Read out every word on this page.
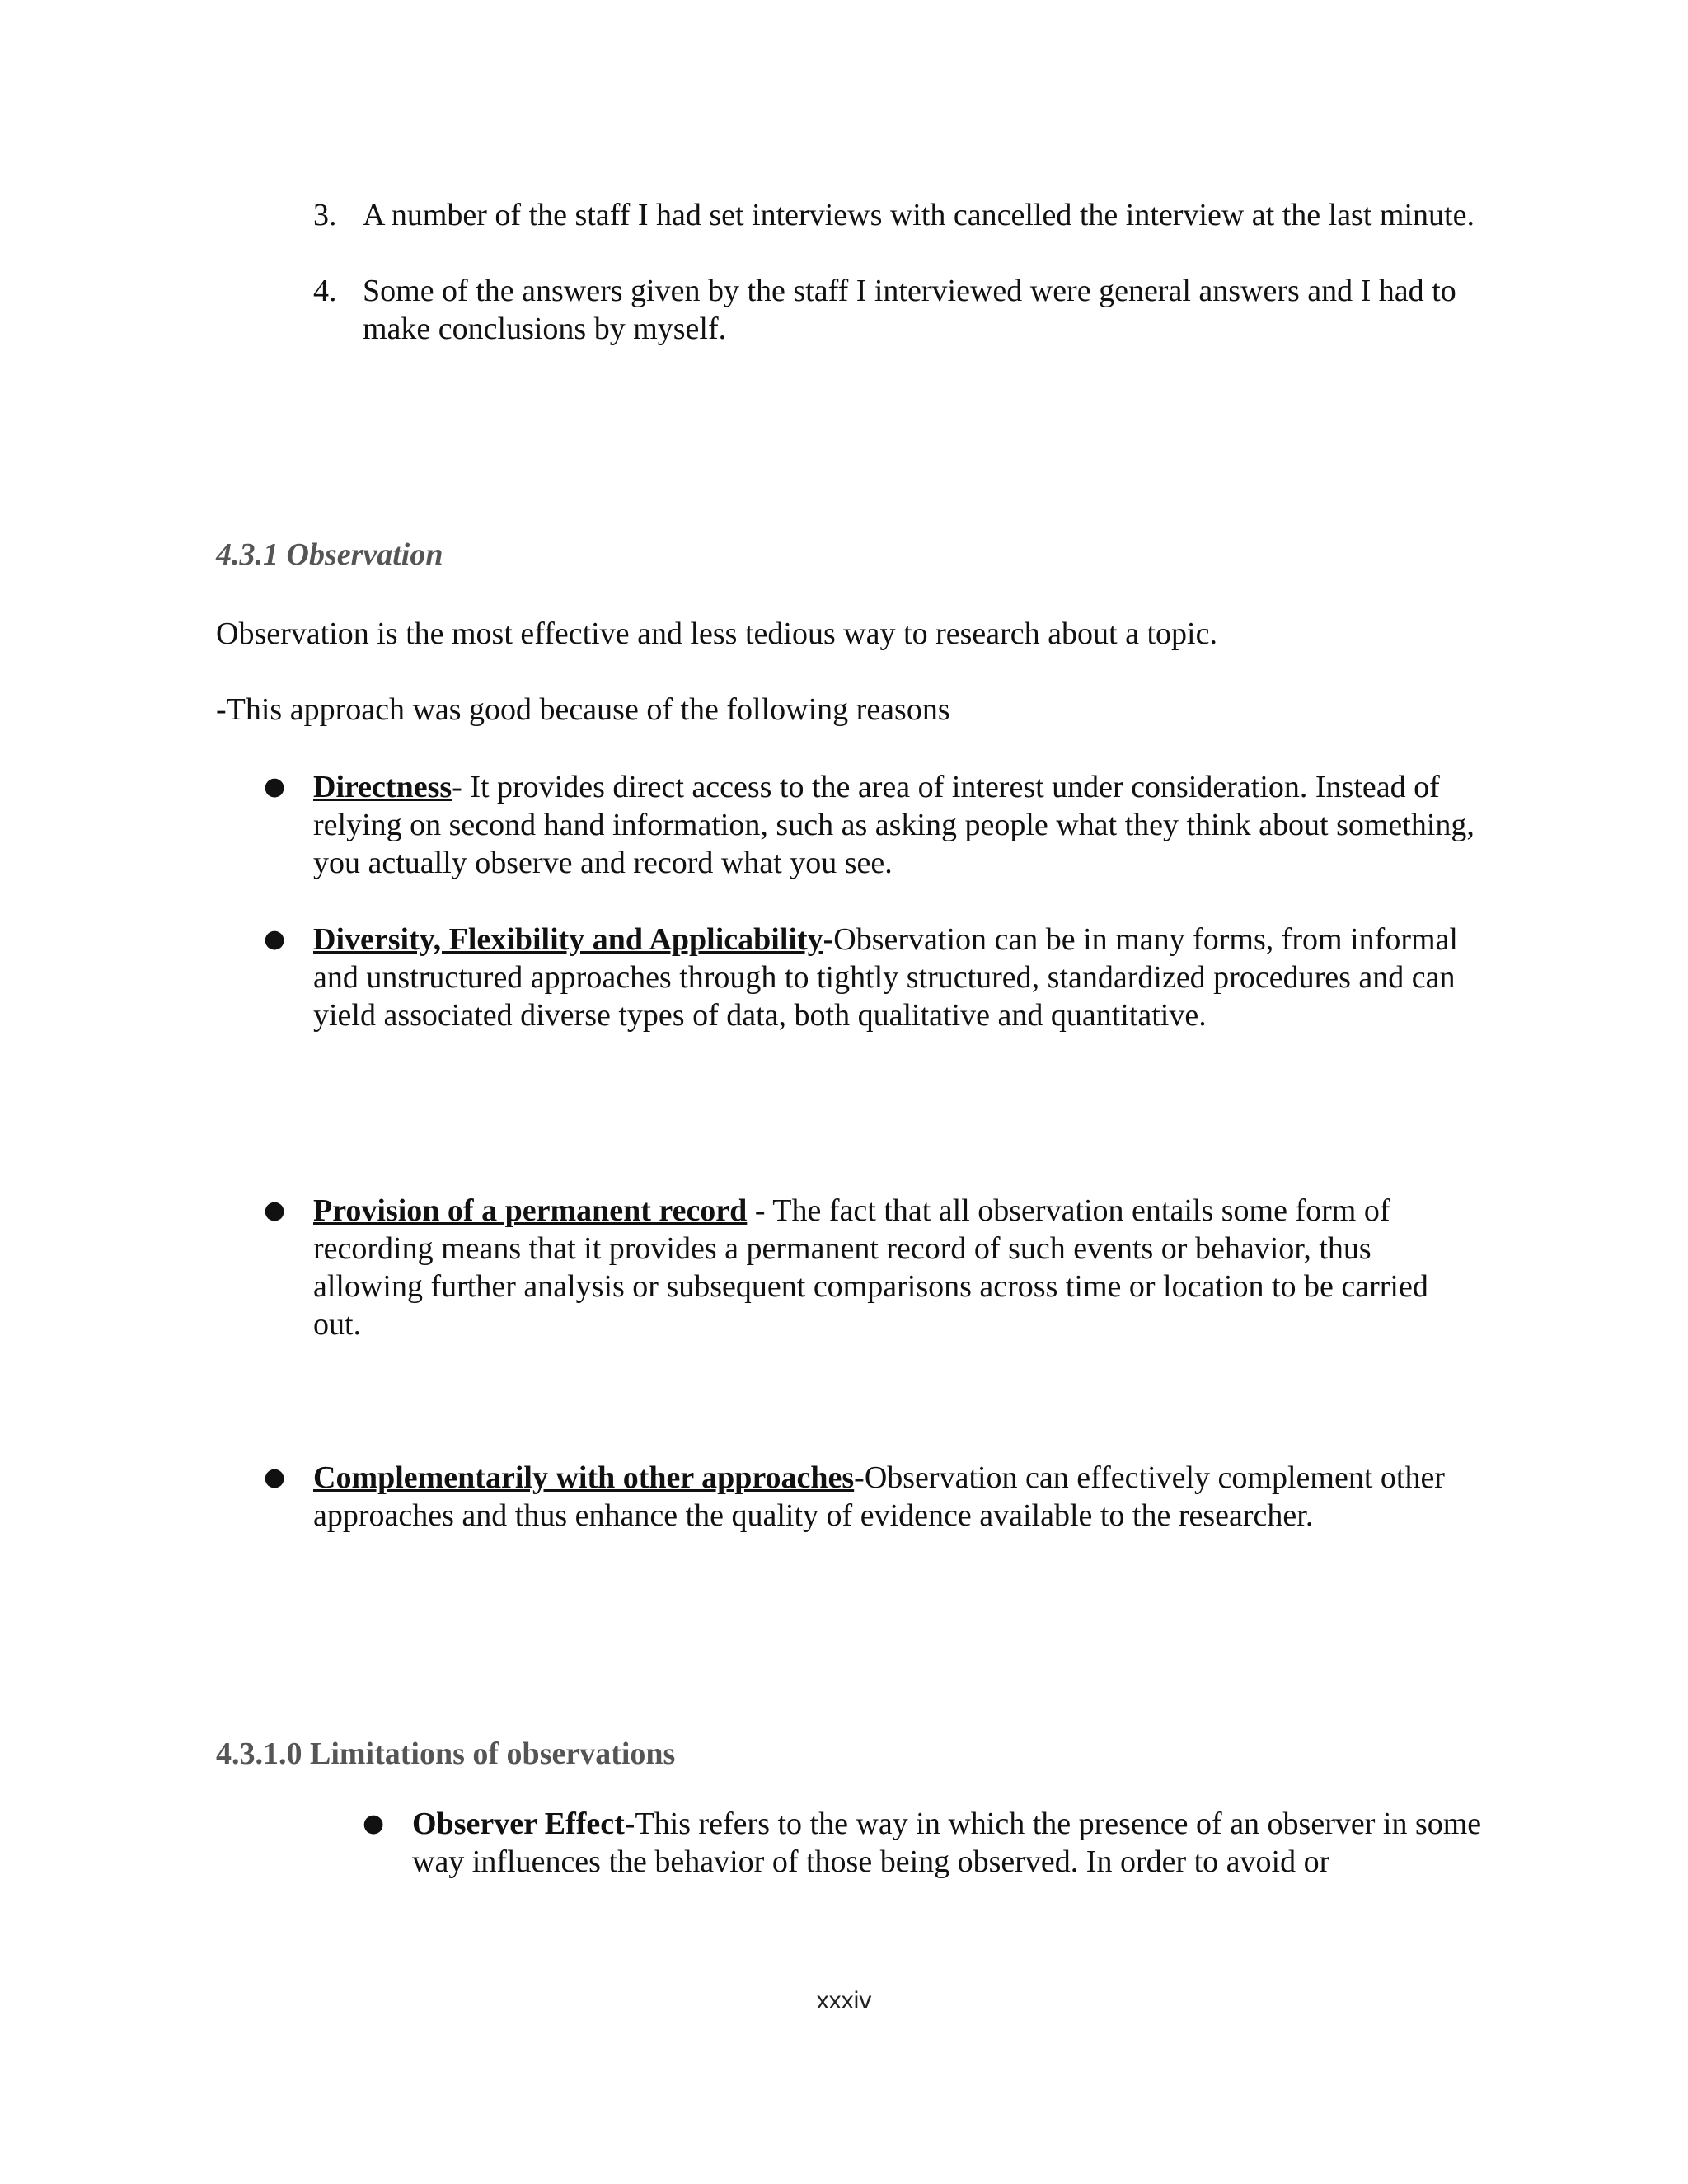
3. A number of the staff I had set interviews with cancelled the interview at the last minute.
4. Some of the answers given by the staff I interviewed were general answers and I had to make conclusions by myself.
4.3.1 Observation
Observation is the most effective and less tedious way to research about a topic.
-This approach was good because of the following reasons
● Directness- It provides direct access to the area of interest under consideration. Instead of relying on second hand information, such as asking people what they think about something, you actually observe and record what you see.
● Diversity, Flexibility and Applicability-Observation can be in many forms, from informal and unstructured approaches through to tightly structured, standardized procedures and can yield associated diverse types of data, both qualitative and quantitative.
● Provision of a permanent record - The fact that all observation entails some form of recording means that it provides a permanent record of such events or behavior, thus allowing further analysis or subsequent comparisons across time or location to be carried out.
● Complementarily with other approaches-Observation can effectively complement other approaches and thus enhance the quality of evidence available to the researcher.
4.3.1.0 Limitations of observations
● Observer Effect-This refers to the way in which the presence of an observer in some way influences the behavior of those being observed. In order to avoid or
xxxiv
